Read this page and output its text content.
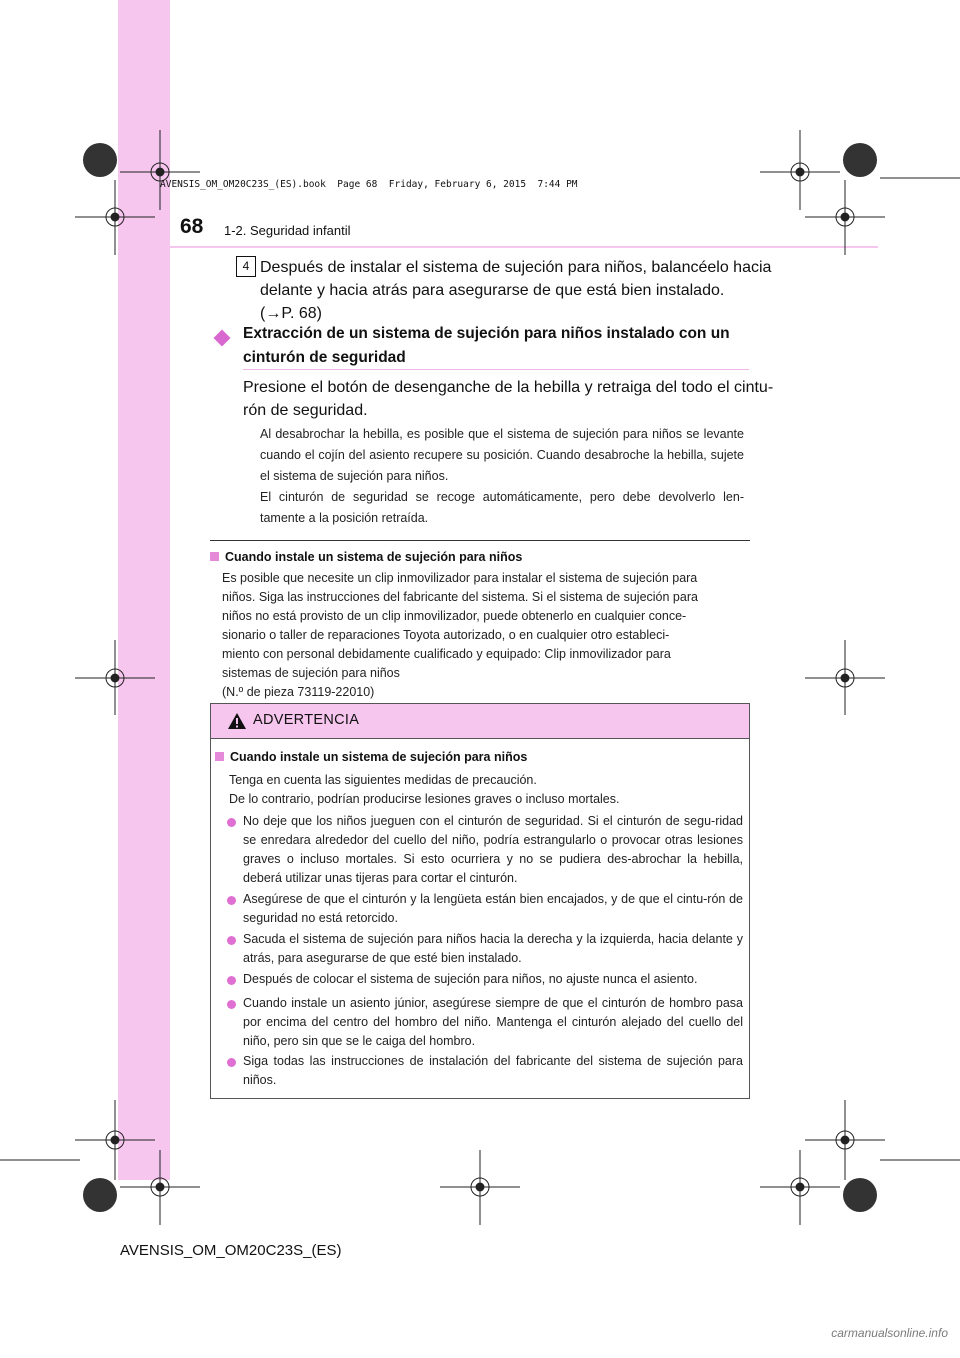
AVENSIS_OM_OM20C23S_(ES).book  Page 68  Friday, February 6, 2015  7:44 PM
68 1-2. Seguridad infantil
4 Después de instalar el sistema de sujeción para niños, balancéelo hacia
delante y hacia atrás para asegurarse de que está bien instalado.
(→P. 68)
Extracción de un sistema de sujeción para niños instalado con un
cinturón de seguridad
Presione el botón de desenganche de la hebilla y retraiga del todo el cintu-
rón de seguridad.
Al desabrochar la hebilla, es posible que el sistema de sujeción para niños se levante cuando el cojín del asiento recupere su posición. Cuando desabroche la hebilla, sujete el sistema de sujeción para niños.
El cinturón de seguridad se recoge automáticamente, pero debe devolverlo len-tamente a la posición retraída.
Cuando instale un sistema de sujeción para niños
Es posible que necesite un clip inmovilizador para instalar el sistema de sujeción para
niños. Siga las instrucciones del fabricante del sistema. Si el sistema de sujeción para
niños no está provisto de un clip inmovilizador, puede obtenerlo en cualquier conce-
sionario o taller de reparaciones Toyota autorizado, o en cualquier otro estableci-
miento con personal debidamente cualificado y equipado: Clip inmovilizador para
sistemas de sujeción para niños
(N.º de pieza 73119-22010)
ADVERTENCIA
Cuando instale un sistema de sujeción para niños
Tenga en cuenta las siguientes medidas de precaución.
De lo contrario, podrían producirse lesiones graves o incluso mortales.
No deje que los niños jueguen con el cinturón de seguridad. Si el cinturón de segu-ridad se enredara alrededor del cuello del niño, podría estrangularlo o provocar otras lesiones graves o incluso mortales. Si esto ocurriera y no se pudiera des-abrochar la hebilla, deberá utilizar unas tijeras para cortar el cinturón.
Asegúrese de que el cinturón y la lengüeta están bien encajados, y de que el cintu-rón de seguridad no está retorcido.
Sacuda el sistema de sujeción para niños hacia la derecha y la izquierda, hacia delante y atrás, para asegurarse de que esté bien instalado.
Después de colocar el sistema de sujeción para niños, no ajuste nunca el asiento.
Cuando instale un asiento júnior, asegúrese siempre de que el cinturón de hombro pasa por encima del centro del hombro del niño. Mantenga el cinturón alejado del cuello del niño, pero sin que se le caiga del hombro.
Siga todas las instrucciones de instalación del fabricante del sistema de sujeción para niños.
AVENSIS_OM_OM20C23S_(ES)
carmanualsonline.info
